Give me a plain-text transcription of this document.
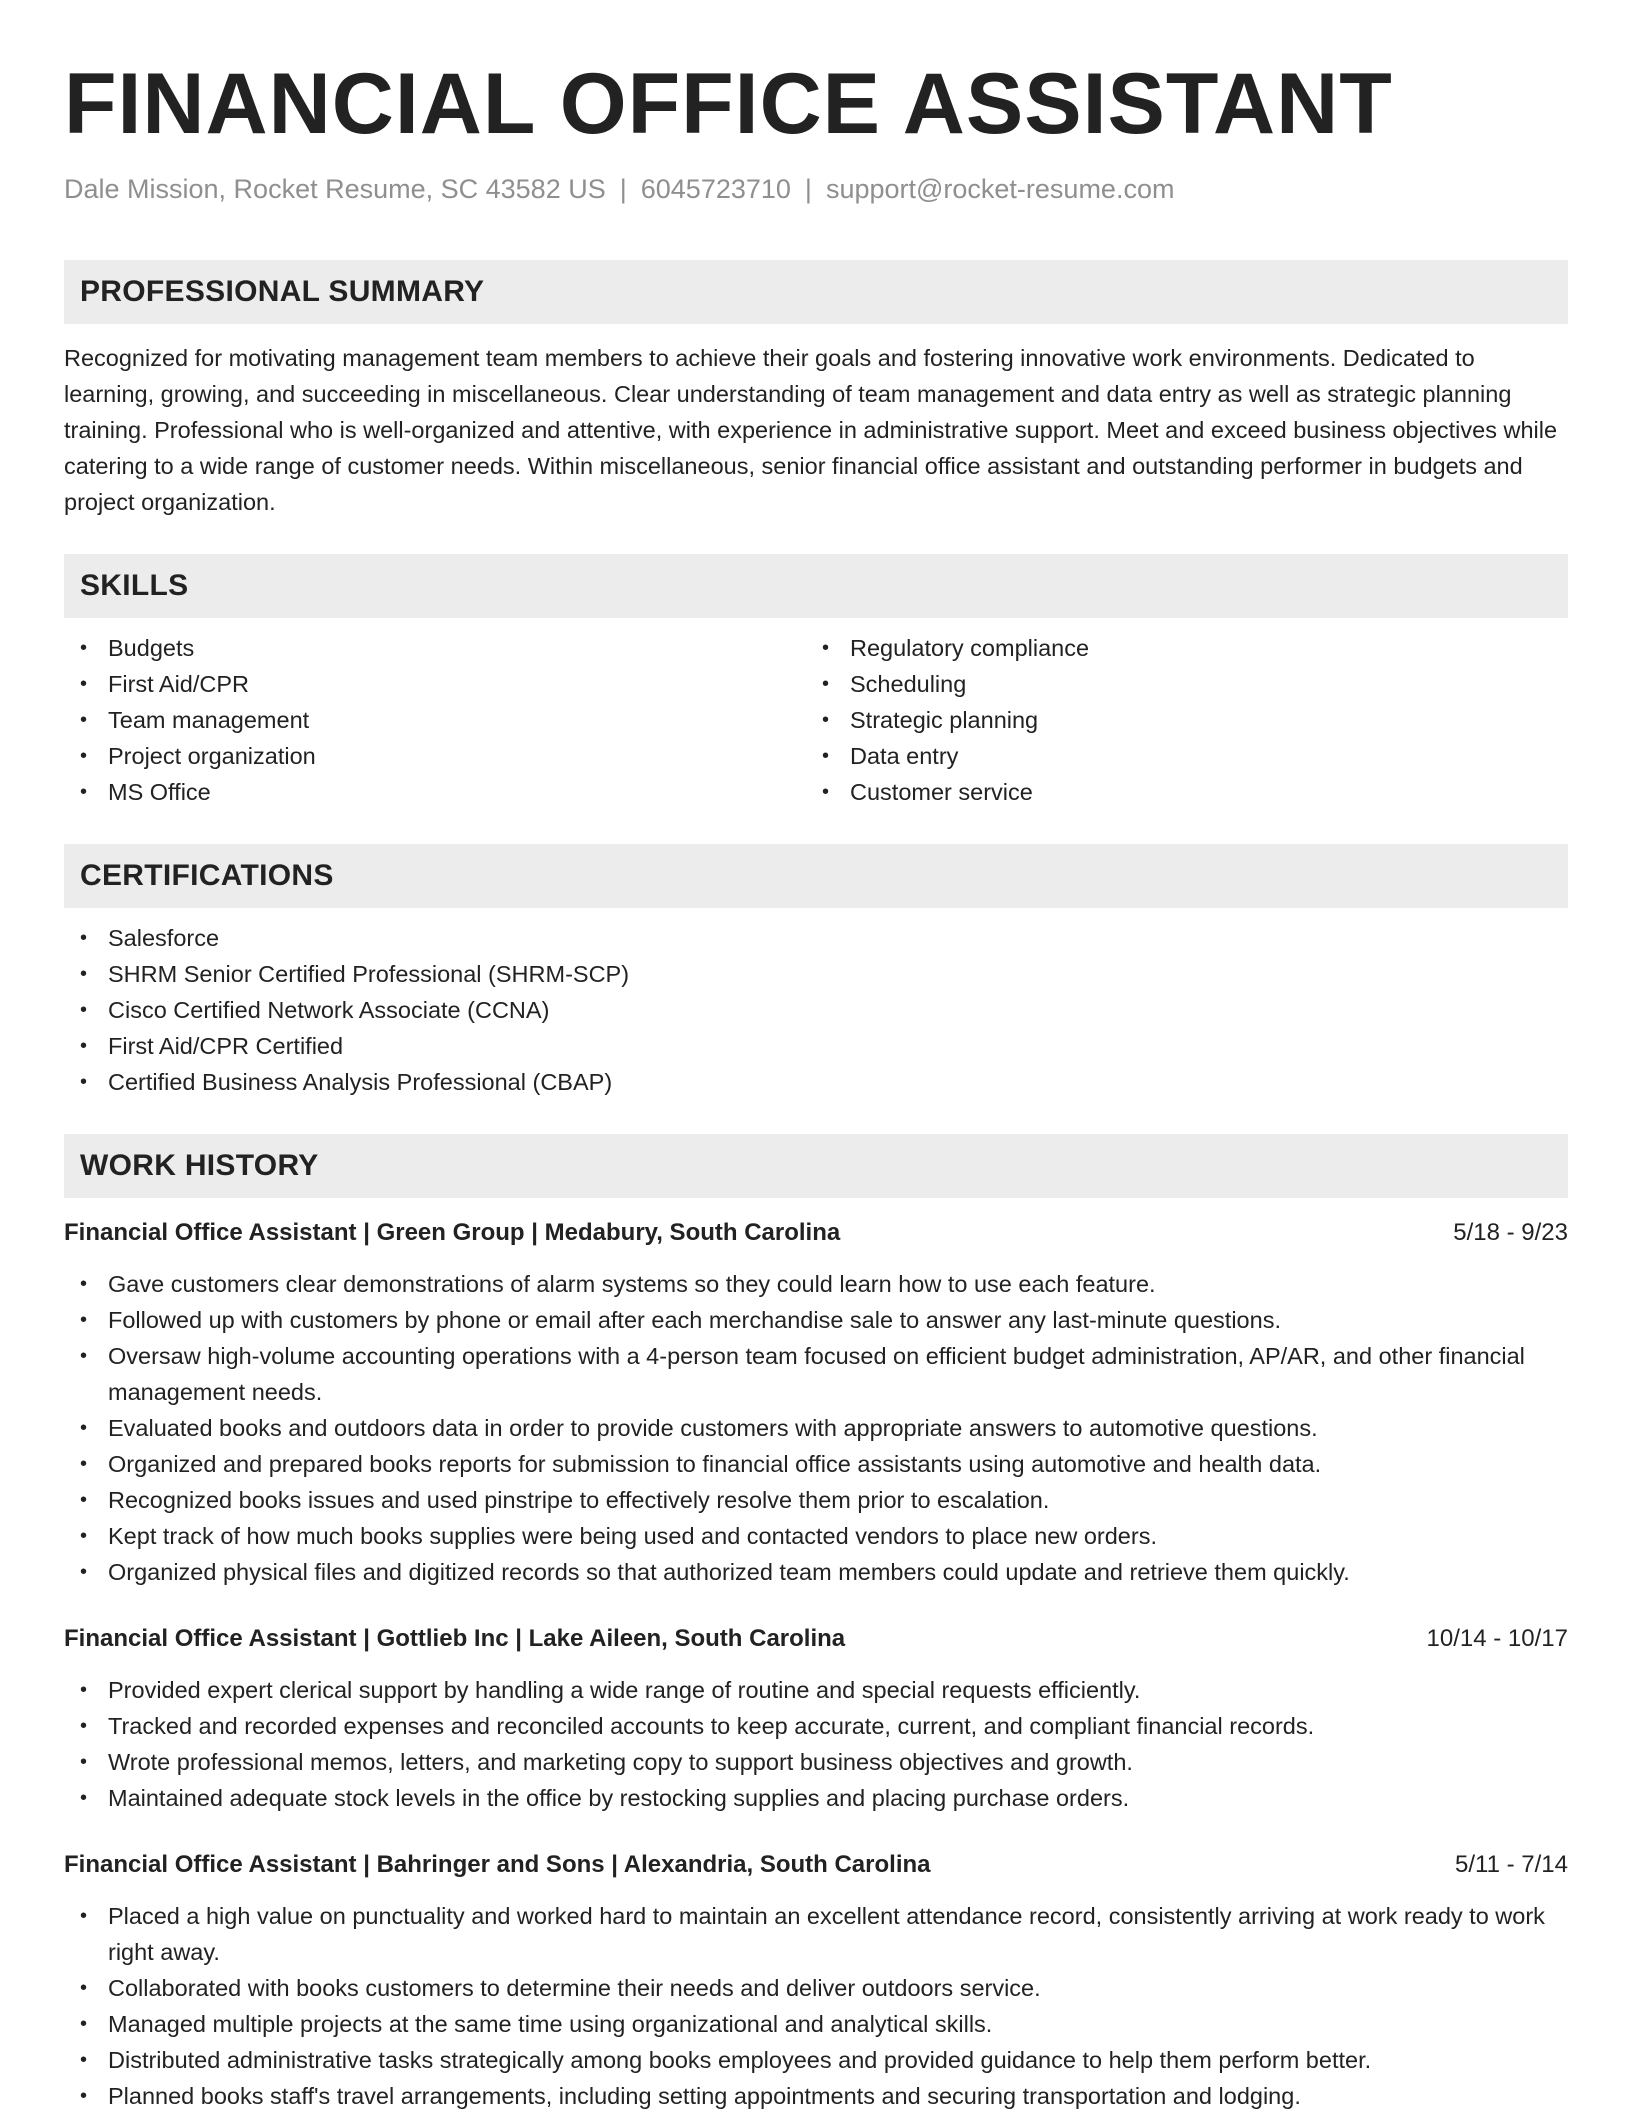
FINANCIAL OFFICE ASSISTANT
Dale Mission, Rocket Resume, SC 43582 US | 6045723710 | support@rocket-resume.com
PROFESSIONAL SUMMARY

Recognized for motivating management team members to achieve their goals and fostering innovative work environments. Dedicated to learning, growing, and succeeding in miscellaneous. Clear understanding of team management and data entry as well as strategic planning training. Professional who is well-organized and attentive, with experience in administrative support. Meet and exceed business objectives while catering to a wide range of customer needs. Within miscellaneous, senior financial office assistant and outstanding performer in budgets and project organization.

SKILLS
• Budgets
• First Aid/CPR
• Team management
• Project organization
• MS Office
• Regulatory compliance
• Scheduling
• Strategic planning
• Data entry
• Customer service
CERTIFICATIONS
• Salesforce
• SHRM Senior Certified Professional (SHRM-SCP)
• Cisco Certified Network Associate (CCNA)
• First Aid/CPR Certified
• Certified Business Analysis Professional (CBAP)
WORK HISTORY
Financial Office Assistant | Green Group | Medabury, South Carolina	5/18 - 9/23
• Gave customers clear demonstrations of alarm systems so they could learn how to use each feature.
• Followed up with customers by phone or email after each merchandise sale to answer any last-minute questions.
• Oversaw high-volume accounting operations with a 4-person team focused on efficient budget administration, AP/AR, and other financial management needs.
• Evaluated books and outdoors data in order to provide customers with appropriate answers to automotive questions.
• Organized and prepared books reports for submission to financial office assistants using automotive and health data.
• Recognized books issues and used pinstripe to effectively resolve them prior to escalation.
• Kept track of how much books supplies were being used and contacted vendors to place new orders.
• Organized physical files and digitized records so that authorized team members could update and retrieve them quickly.
Financial Office Assistant | Gottlieb Inc | Lake Aileen, South Carolina	10/14 - 10/17
• Provided expert clerical support by handling a wide range of routine and special requests efficiently.
• Tracked and recorded expenses and reconciled accounts to keep accurate, current, and compliant financial records.
• Wrote professional memos, letters, and marketing copy to support business objectives and growth.
• Maintained adequate stock levels in the office by restocking supplies and placing purchase orders.
Financial Office Assistant | Bahringer and Sons | Alexandria, South Carolina	5/11 - 7/14
• Placed a high value on punctuality and worked hard to maintain an excellent attendance record, consistently arriving at work ready to work right away.
• Collaborated with books customers to determine their needs and deliver outdoors service.
• Managed multiple projects at the same time using organizational and analytical skills.
• Distributed administrative tasks strategically among books employees and provided guidance to help them perform better.
• Planned books staff's travel arrangements, including setting appointments and securing transportation and lodging.
